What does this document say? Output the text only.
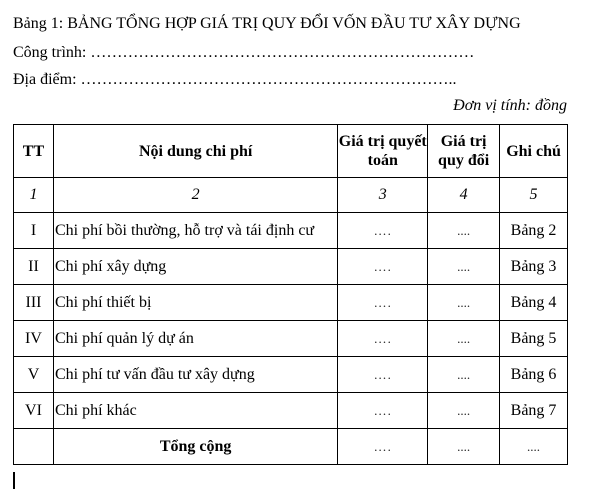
Bảng 1: BẢNG TỔNG HỢP GIÁ TRỊ QUY ĐỔI VỐN ĐẦU TƯ XÂY DỰNG
Công trình: ………………………………………………………………
Địa điểm: ……………………………………………………………..
Đơn vị tính: đồng
TT	Nội dung chi phí	Giá trị quyết toán	Giá trị quy đổi	Ghi chú
1	2	3	4	5
I	Chi phí bồi thường, hỗ trợ và tái định cư	….	....	Bảng 2
II	Chi phí xây dựng	….	....	Bảng 3
III	Chi phí thiết bị	….	....	Bảng 4
IV	Chi phí quản lý dự án	….	....	Bảng 5
V	Chi phí tư vấn đầu tư xây dựng	….	....	Bảng 6
VI	Chi phí khác	….	....	Bảng 7
	Tổng cộng	….	....	....
